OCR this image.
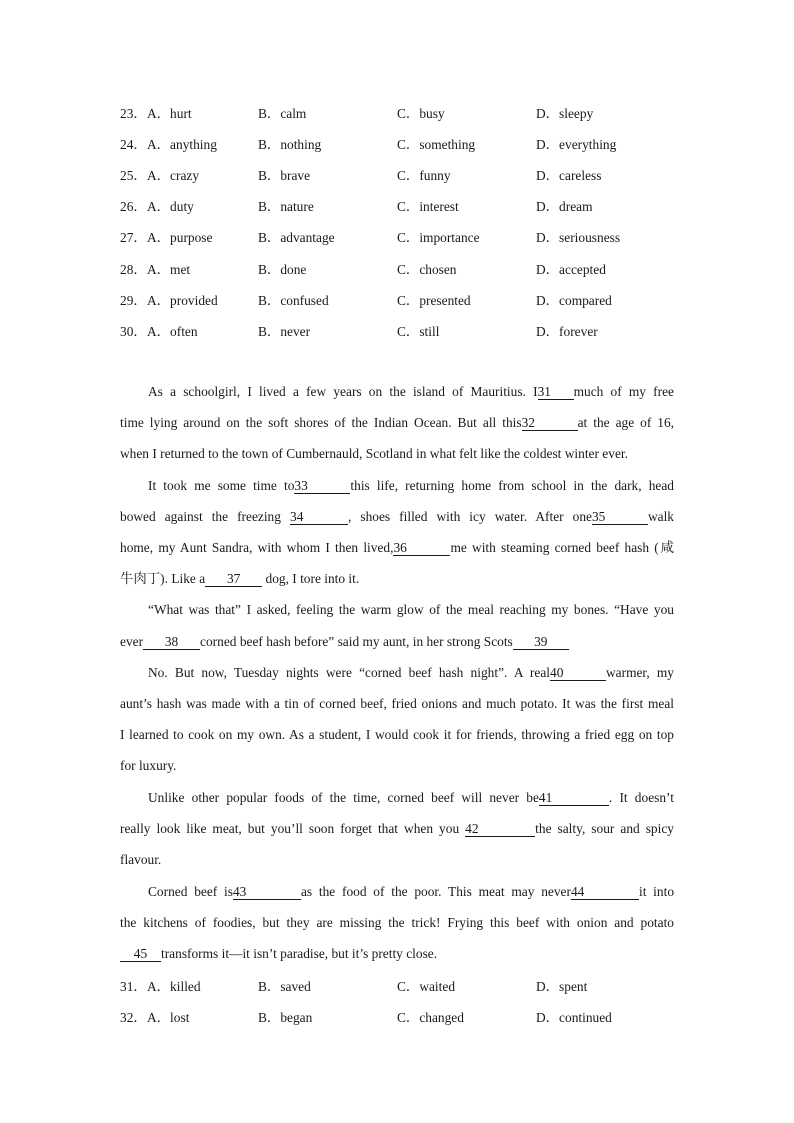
23． A．hurt	B．calm	C．busy	D．sleepy
24． A．anything	B．nothing	C．something	D．everything
25． A．crazy	B．brave	C．funny	D．careless
26． A．duty	B．nature	C．interest	D．dream
27． A．purpose	B．advantage	C．importance	D．seriousness
28． A．met	B．done	C．chosen	D．accepted
29． A．provided	B．confused	C．presented	D．compared
30． A．often	B．never	C．still	D．forever
As a schoolgirl, I lived a few years on the island of Mauritius. I31 much of my free
time lying around on the soft shores of the Indian Ocean. But all this32	at the age of 16,
when I returned to the town of Cumbernauld, Scotland in what felt like the coldest winter ever.
It took me some time to33	this life, returning home from school in the dark, head
bowed against the freezing 34	, shoes filled with icy water. After one35	walk
home, my Aunt Sandra, with whom I then lived,36	me with steaming corned beef hash (咸
牛肉丁). Like a 37 dog, I tore into it.
“What was that” I asked, feeling the warm glow of the meal reaching my bones. “Have you
ever 38 corned beef hash before” said my aunt, in her strong Scots 39
No. But now, Tuesday nights were “corned beef hash night”. A real40	warmer, my
aunt’s hash was made with a tin of corned beef, fried onions and much potato. It was the first meal
I learned to cook on my own. As a student, I would cook it for friends, throwing a fried egg on top
for luxury.
Unlike other popular foods of the time, corned beef will never be41	. It doesn’t
really look like meat, but you’ll soon forget that when you 42	the salty, sour and spicy
flavour.
Corned beef is43	as the food of the poor. This meat may never44	it into
the kitchens of foodies, but they are missing the trick! Frying this beef with onion and potato
45 transforms it—it isn’t paradise, but it’s pretty close.
31． A．killed	B．saved	C．waited	D．spent
32． A．lost	B．began	C．changed	D．continued
